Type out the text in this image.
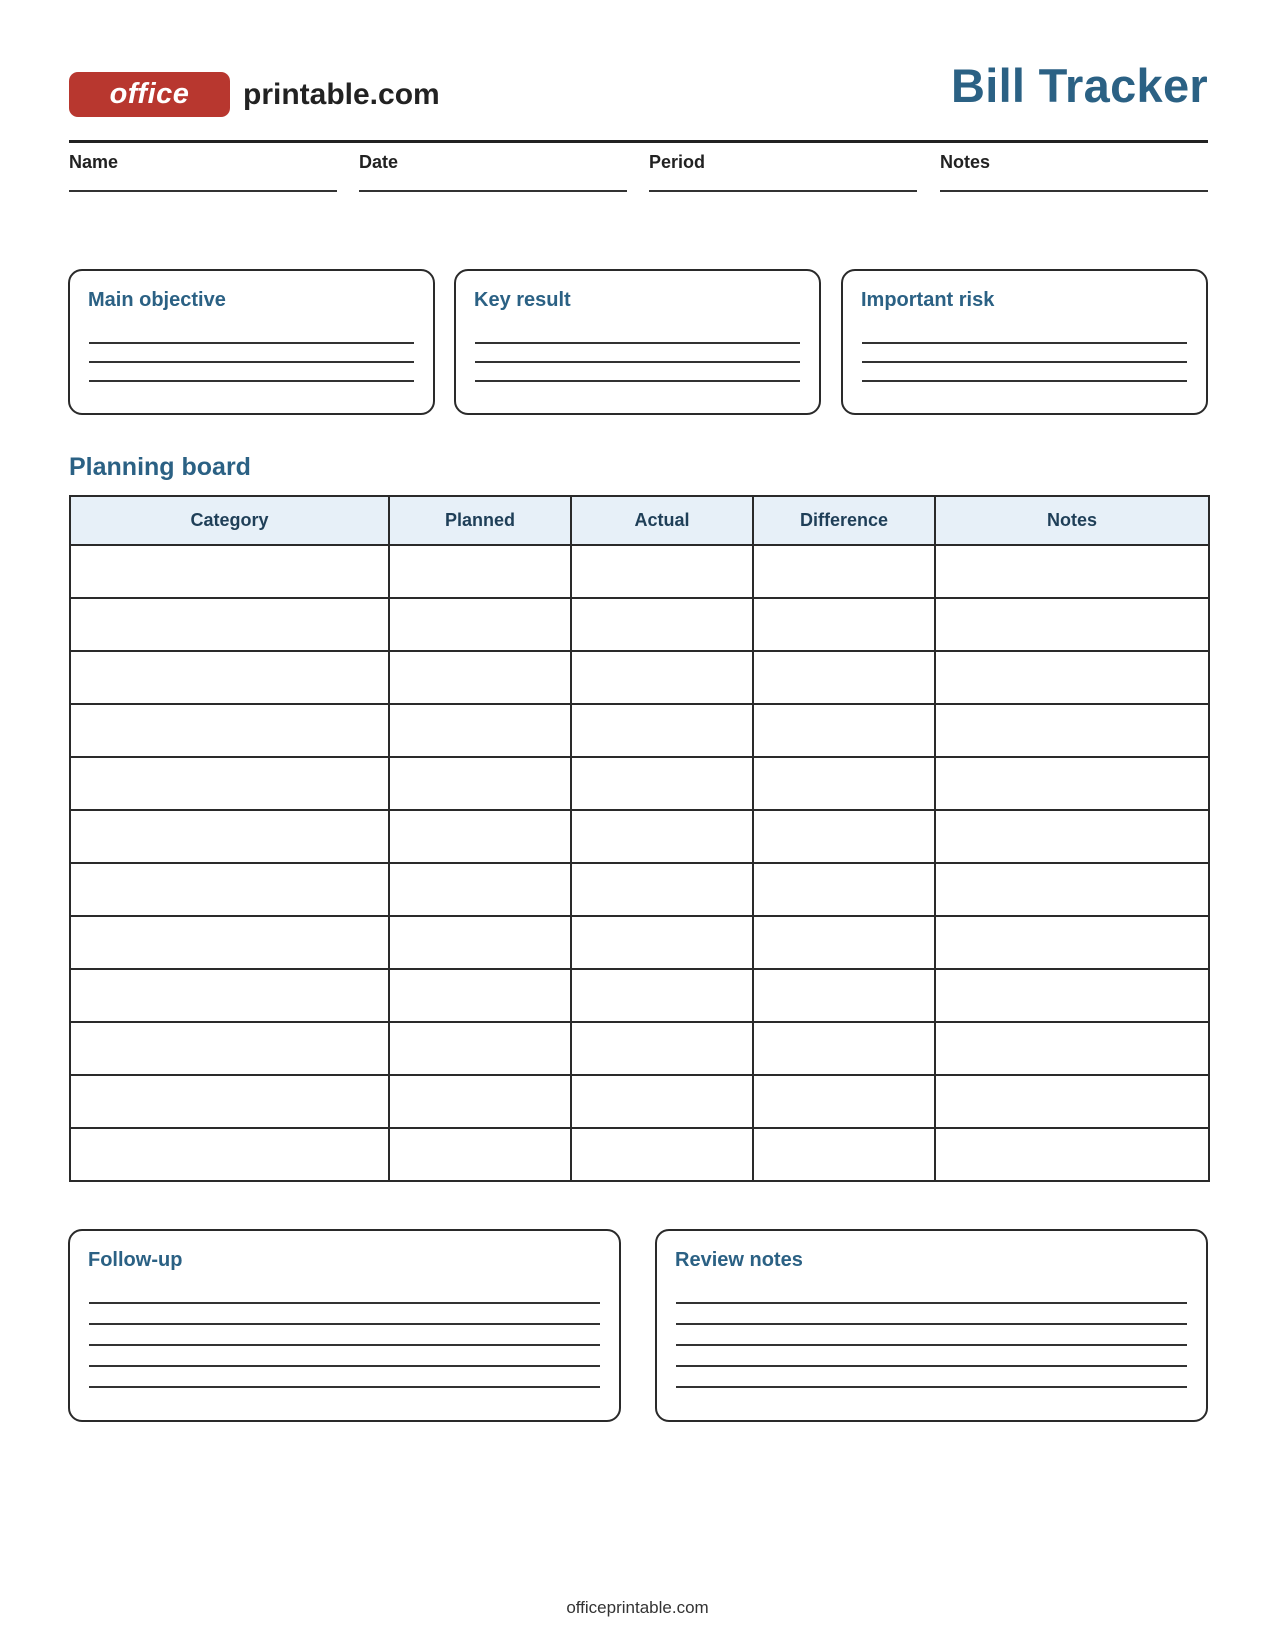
office	printable.com	Bill Tracker
Name	Date	Period	Notes
Main objective	Key result	Important risk
Planning board
Category	Planned	Actual	Difference	Notes

Follow-up	Review notes
officeprintable.com
